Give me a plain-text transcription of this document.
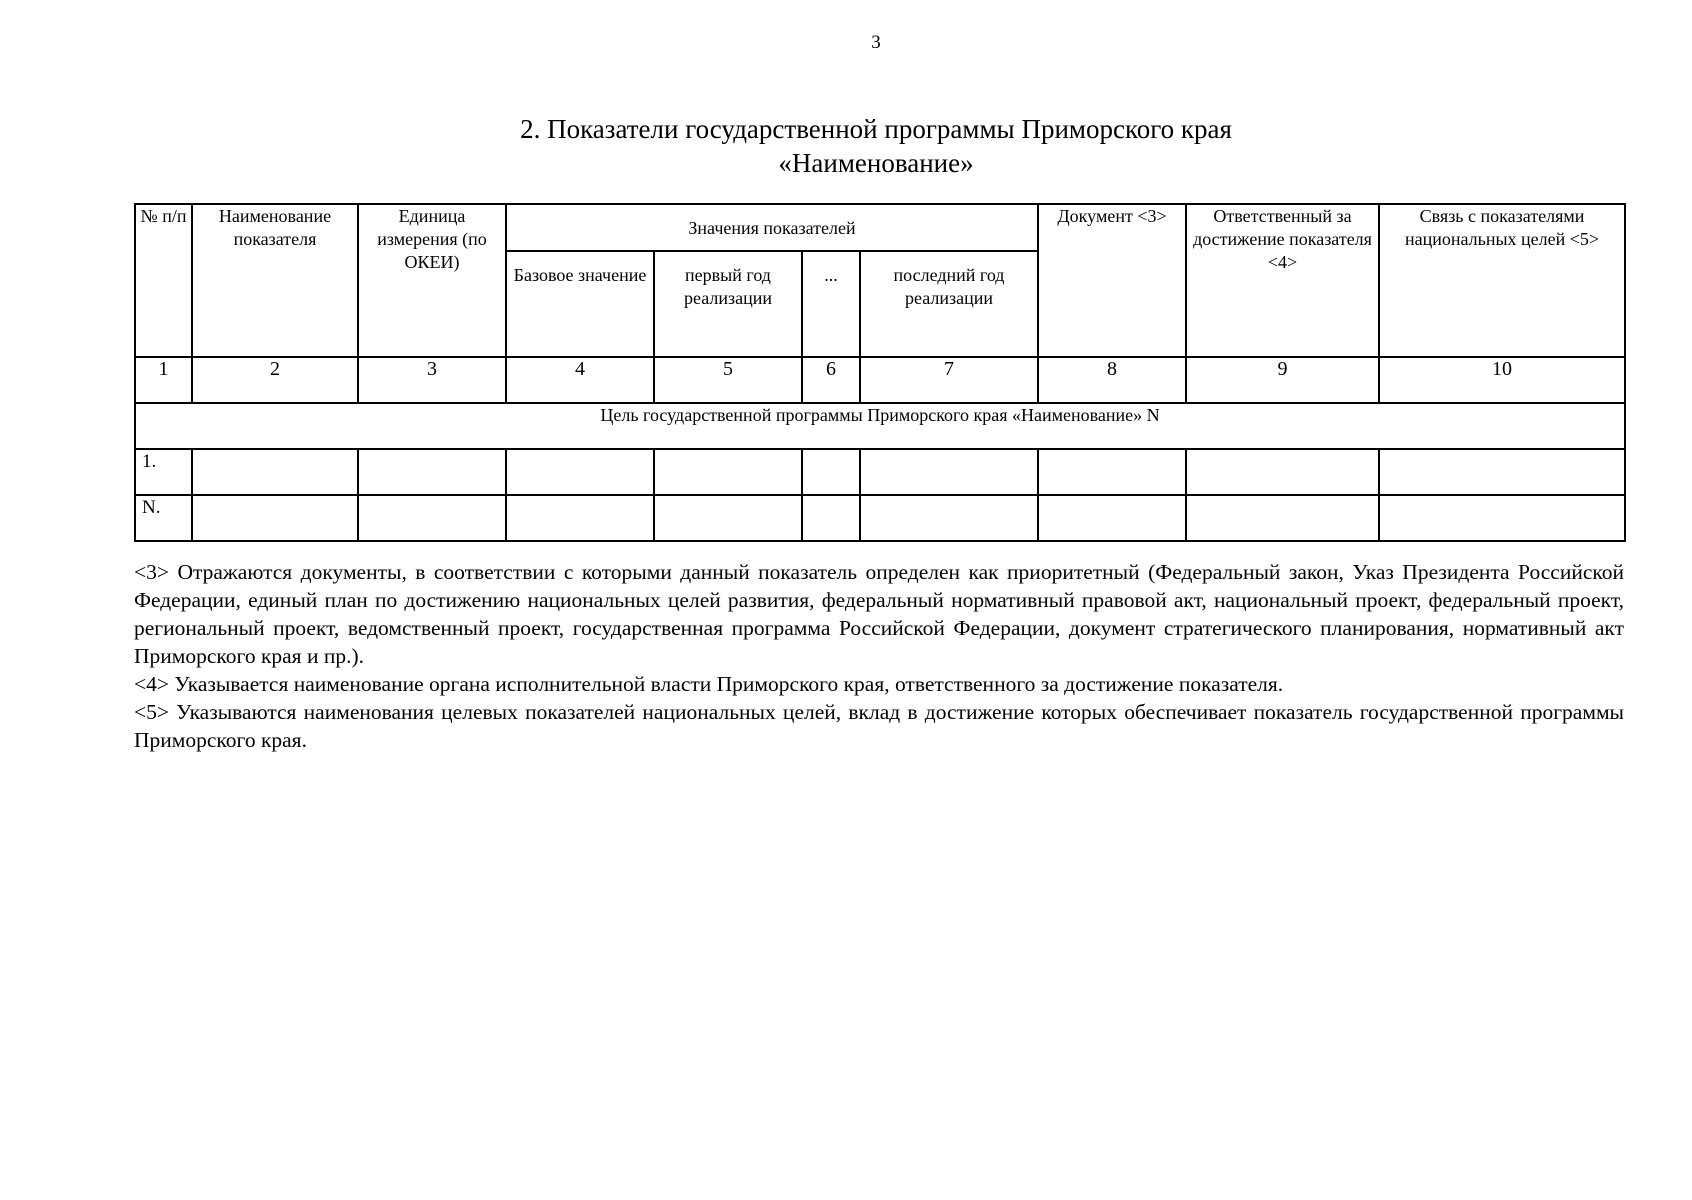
3
2. Показатели государственной программы Приморского края
«Наименование»
№ п/п	Наименование показателя	Единица измерения (по ОКЕИ)	Значения показателей				Документ <3>	Ответственный за достижение показателя <4>	Связь с показателями национальных целей <5>
			Базовое значение	первый год реализации	...	последний год реализации			
1	2	3	4	5	6	7	8	9	10
Цель государственной программы Приморского края «Наименование» N									
1.									
N.									

<3> Отражаются документы, в соответствии с которыми данный показатель определен как приоритетный (Федеральный закон, Указ Президента Российской Федерации, единый план по достижению национальных целей развития, федеральный нормативный правовой акт, национальный проект, федеральный проект, региональный проект, ведомственный проект, государственная программа Российской Федерации, документ стратегического планирования, нормативный акт Приморского края и пр.).

<4> Указывается наименование органа исполнительной власти Приморского края, ответственного за достижение показателя.

<5> Указываются наименования целевых показателей национальных целей, вклад в достижение которых обеспечивает показатель государственной программы Приморского края.
